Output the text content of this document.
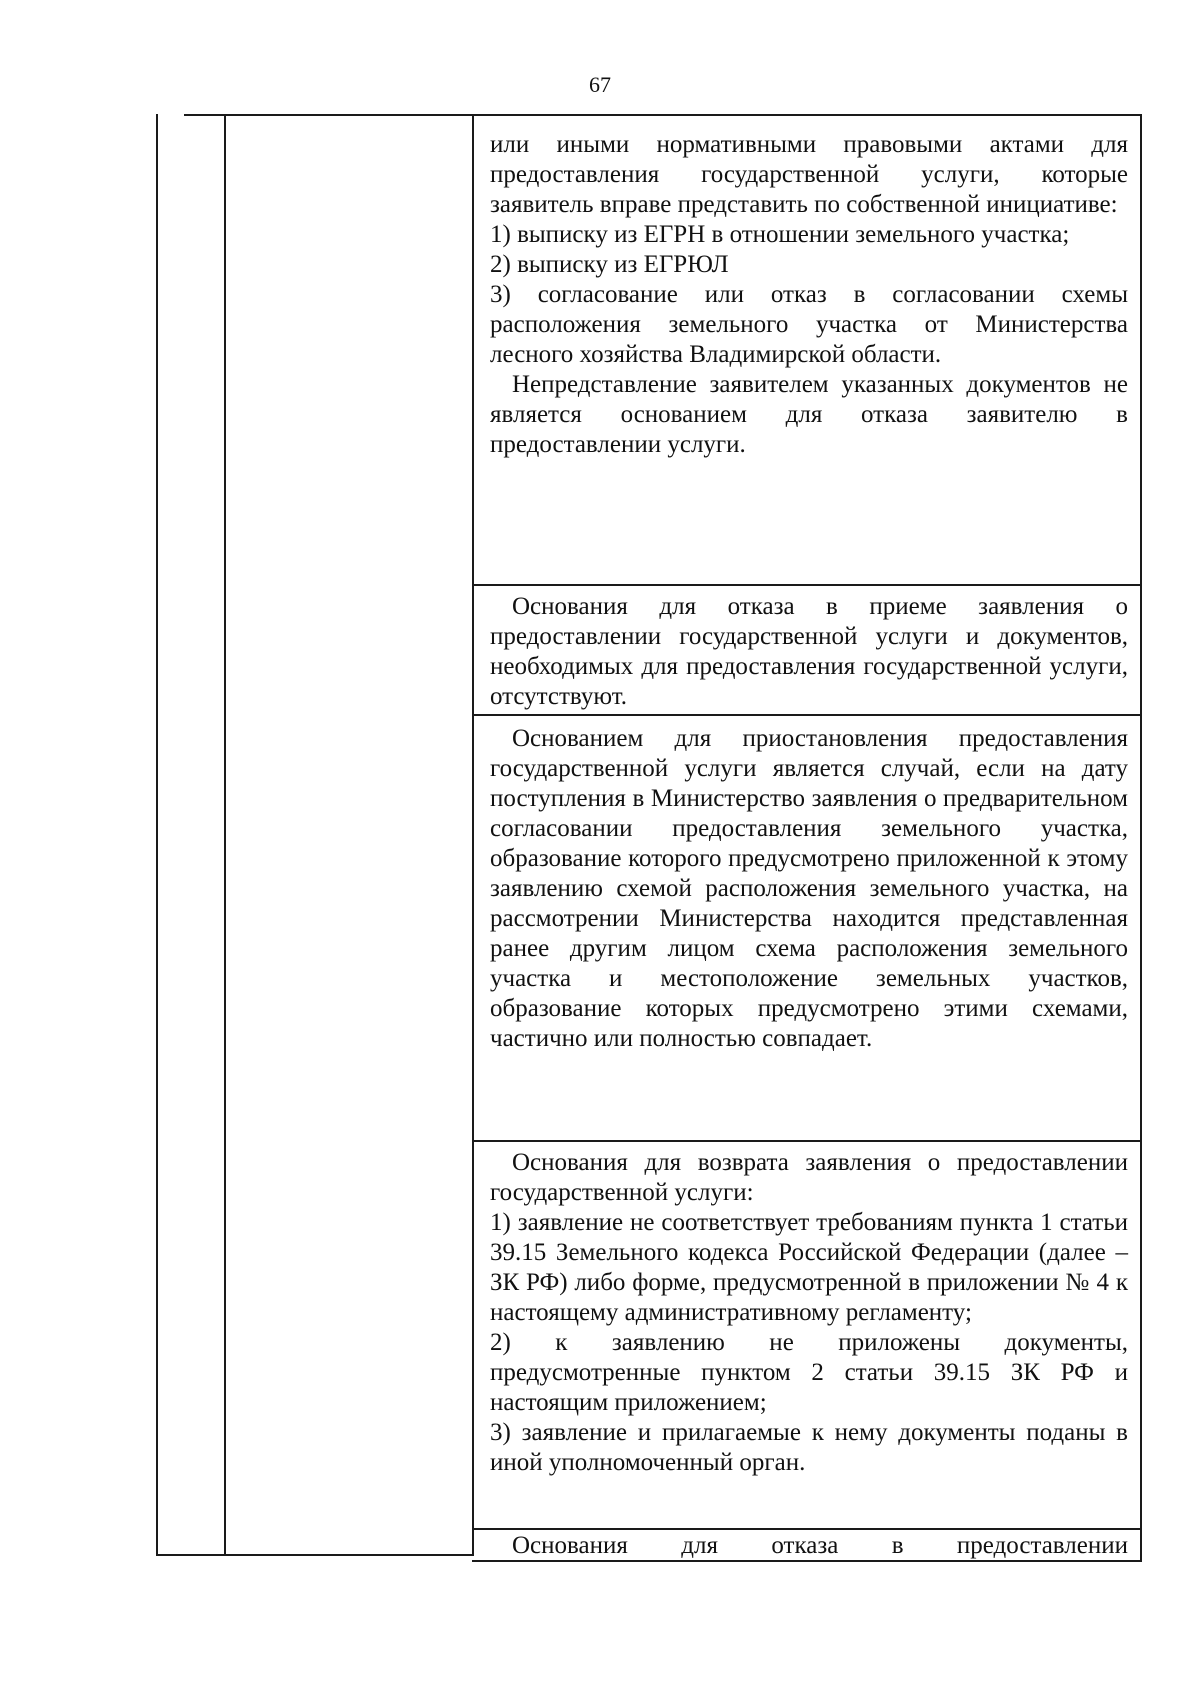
67

или иными нормативными правовыми актами для предоставления государственной услуги, которые заявитель вправе представить по собственной инициативе:

1) выписку из ЕГРН в отношении земельного участка;

2) выписку из ЕГРЮЛ

3) согласование или отказ в согласовании схемы расположения земельного участка от Министерства лесного хозяйства Владимирской области.

Непредставление заявителем указанных документов не является основанием для отказа заявителю в предоставлении услуги.

Основания для отказа в приеме заявления о предоставлении государственной услуги и документов, необходимых для предоставления государственной услуги, отсутствуют.

Основанием для приостановления предоставления государственной услуги является случай, если на дату поступления в Министерство заявления о предварительном согласовании предоставления земельного участка, образование которого предусмотрено приложенной к этому заявлению схемой расположения земельного участка, на рассмотрении Министерства находится представленная ранее другим лицом схема расположения земельного участка и местоположение земельных участков, образование которых предусмотрено этими схемами, частично или полностью совпадает.

Основания для возврата заявления о предоставлении государственной услуги:

1) заявление не соответствует требованиям пункта 1 статьи 39.15 Земельного кодекса Российской Федерации (далее – ЗК РФ) либо форме, предусмотренной в приложении № 4 к настоящему административному регламенту;

2) к заявлению не приложены документы, предусмотренные пунктом 2 статьи 39.15 ЗК РФ и настоящим приложением;

3) заявление и прилагаемые к нему документы поданы в иной уполномоченный орган.

Основания для отказа в предоставлении
